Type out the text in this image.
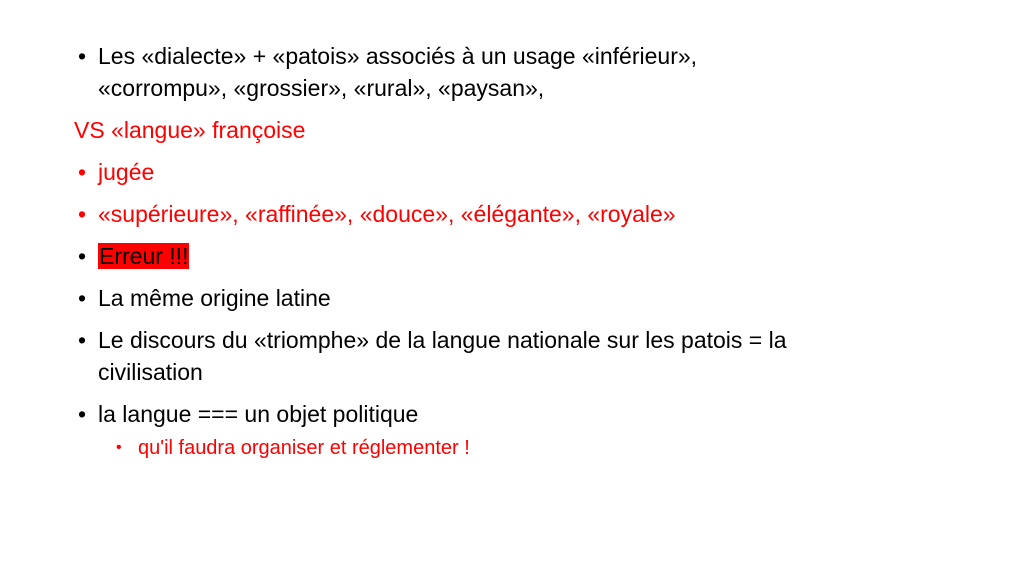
• Les «dialecte» + «patois» associés à un usage «inférieur»,
«corrompu», «grossier», «rural», «paysan»,
VS «langue» françoise
• jugée
• «supérieure», «raffinée», «douce», «élégante», «royale»
• Erreur !!!
• La même origine latine
• Le discours du «triomphe» de la langue nationale sur les patois = la
civilisation
• la langue === un objet politique
• qu'il faudra organiser et réglementer !
